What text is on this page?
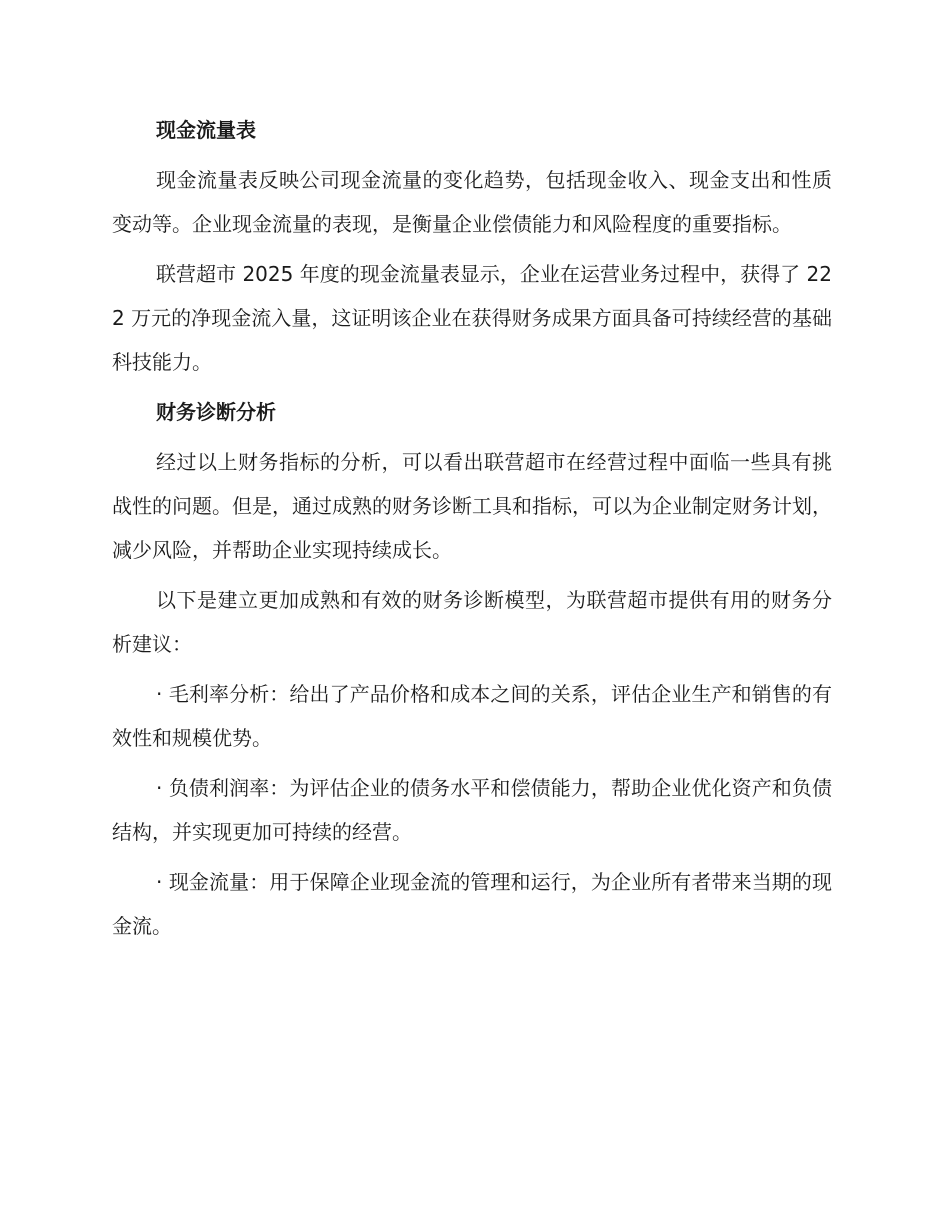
现金流量表

现金流量表反映公司现金流量的变化趋势，包括现金收入、现金支出和性质变动等。企业现金流量的表现，是衡量企业偿债能力和风险程度的重要指标。

联营超市 2025 年度的现金流量表显示，企业在运营业务过程中，获得了 222 万元的净现金流入量，这证明该企业在获得财务成果方面具备可持续经营的基础科技能力。

财务诊断分析

经过以上财务指标的分析，可以看出联营超市在经营过程中面临一些具有挑战性的问题。但是，通过成熟的财务诊断工具和指标，可以为企业制定财务计划，减少风险，并帮助企业实现持续成长。

以下是建立更加成熟和有效的财务诊断模型，为联营超市提供有用的财务分析建议：

· 毛利率分析：给出了产品价格和成本之间的关系，评估企业生产和销售的有效性和规模优势。

· 负债利润率：为评估企业的债务水平和偿债能力，帮助企业优化资产和负债结构，并实现更加可持续的经营。

· 现金流量：用于保障企业现金流的管理和运行，为企业所有者带来当期的现金流。
